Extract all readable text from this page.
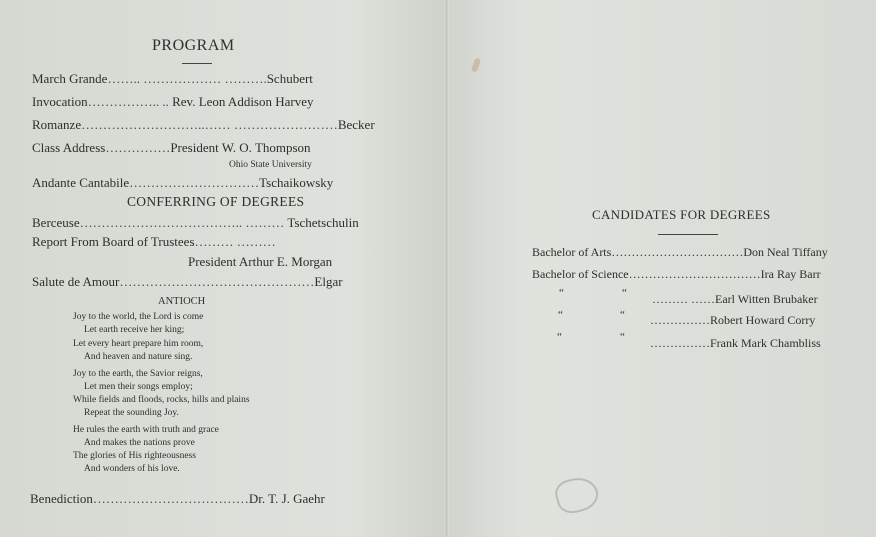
PROGRAM
March Grande…….. ……………… ……….Schubert
Invocation…………….. .. Rev. Leon Addison Harvey
Romanze………………………..…… ……………………Becker
Class Address……………President W. O. Thompson
Ohio State University
Andante Cantabile…………………………Tschaikowsky
CONFERRING OF DEGREES
Berceuse……………………………….. ……… Tschetschulin
Report From Board of Trustees……… ………
President Arthur E. Morgan
Salute de Amour………………………………………Elgar
ANTIOCH
Joy to the world, the Lord is come
Let earth receive her king;
Let every heart prepare him room,
And heaven and nature sing.
Joy to the earth, the Savior reigns,
Let men their songs employ;
While fields and floods, rocks, hills and plains
Repeat the sounding Joy.
He rules the earth with truth and grace
And makes the nations prove
The glories of His righteousness
And wonders of his love.
Benediction………………………………Dr. T. J. Gaehr
CANDIDATES FOR DEGREES
Bachelor of Arts……………………………Don Neal Tiffany
Bachelor of Science……………………………Ira Ray Barr
“	“ ……… ……Earl Witten Brubaker
“	“ ……………Robert Howard Corry
“	“ ……………Frank Mark Chambliss
